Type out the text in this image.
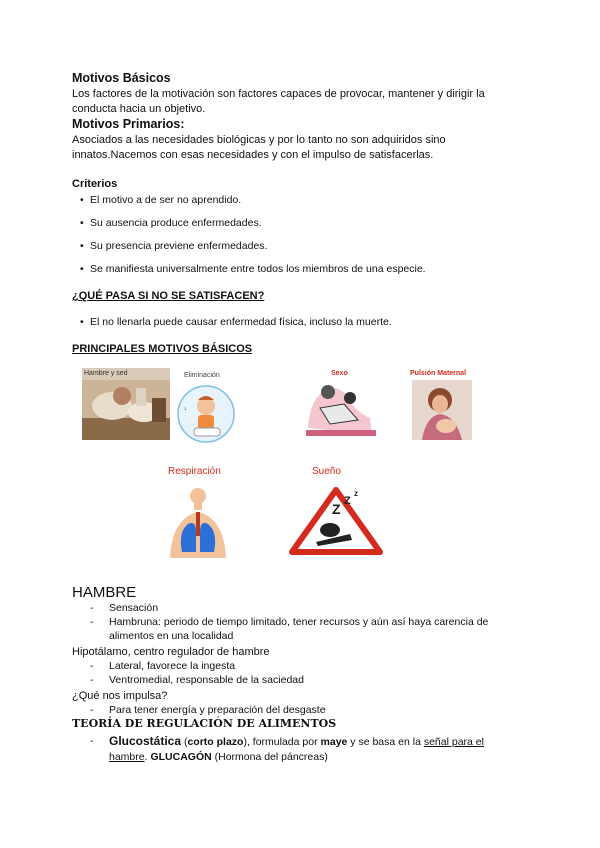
Motivos Básicos
Los factores de la motivación son factores capaces de provocar, mantener y dirigir la conducta hacia un objetivo.
Motivos Primarios:
Asociados a las necesidades biológicas y por lo tanto no son adquiridos sino innatos.Nacemos con esas necesidades y con el impulso de satisfacerlas.
Criterios
• El motivo a de ser no aprendido.
• Su ausencia produce enfermedades.
• Su presencia previene enfermedades.
• Se manifiesta universalmente entre todos los miembros de una especie.
¿QUÉ PASA SI NO SE SATISFACEN?
• El no llenarla puede causar enfermedad física, incluso la muerte.
PRINCIPALES MOTIVOS BÁSICOS
Hambre y sed	Eliminación
1
Sexo	Pulsión Maternal
Respiración	Sueño
Z Z
z
HAMBRE
- Sensación
- Hambruna: periodo de tiempo limitado, tener recursos y aún así haya carencia de alimentos en una localidad
Hipotálamo, centro regulador de hambre
- Lateral, favorece la ingesta
- Ventromedial, responsable de la saciedad
¿Qué nos impulsa?
- Para tener energía y preparación del desgaste
TEORÍA DE REGULACIÓN DE ALIMENTOS
-	Glucostática (corto plazo), formulada por maye y se basa en la señal para el hambre. GLUCAGÓN (Hormona del páncreas)
